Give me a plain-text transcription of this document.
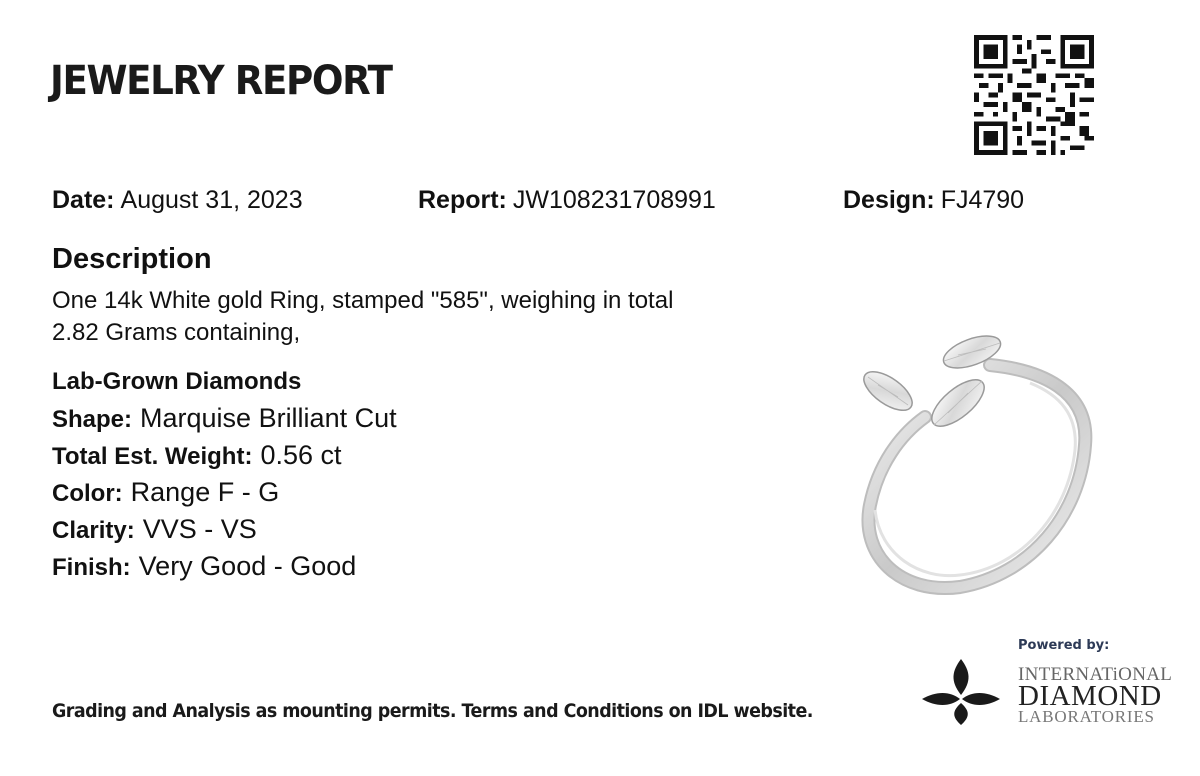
JEWELRY REPORT
Date: August 31, 2023	Report: JW108231708991	Design: FJ4790
Description
One 14k White gold Ring, stamped "585", weighing in total
2.82 Grams containing,
Lab-Grown Diamonds
Shape: Marquise Brilliant Cut
Total Est. Weight: 0.56 ct
Color: Range F - G
Clarity: VVS - VS
Finish: Very Good - Good
Grading and Analysis as mounting permits. Terms and Conditions on IDL website.
Powered by:
INTERNATiONAL
DIAMOND
LABORATORIES
